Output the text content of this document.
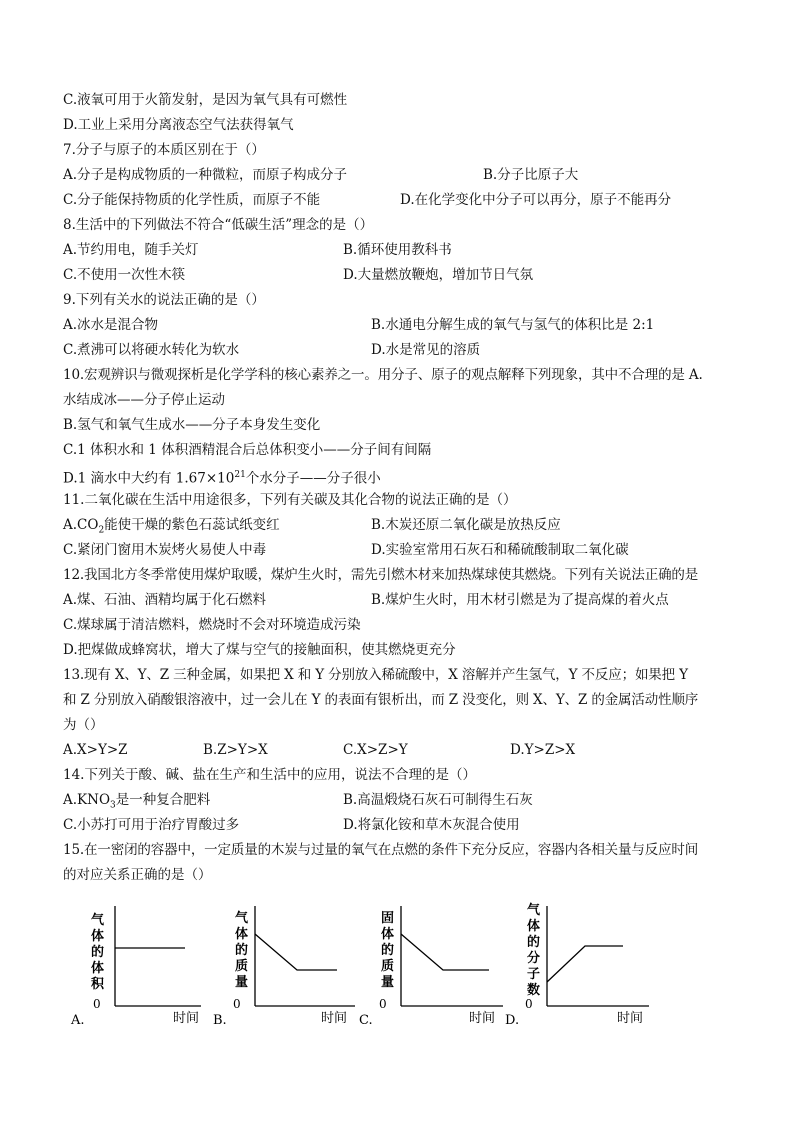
C.液氧可用于火箭发射，是因为氧气具有可燃性
D.工业上采用分离液态空气法获得氧气
7.分子与原子的本质区别在于（）
A.分子是构成物质的一种微粒，而原子构成分子	B.分子比原子大
C.分子能保持物质的化学性质，而原子不能	D.在化学变化中分子可以再分，原子不能再分
8.生活中的下列做法不符合“低碳生活”理念的是（）
A.节约用电，随手关灯	B.循环使用教科书
C.不使用一次性木筷	D.大量燃放鞭炮，增加节日气氛
9.下列有关水的说法正确的是（）
A.冰水是混合物	B.水通电分解生成的氧气与氢气的体积比是 2:1
C.煮沸可以将硬水转化为软水	D.水是常见的溶质
10.宏观辨识与微观探析是化学学科的核心素养之一。用分子、原子的观点解释下列现象，其中不合理的是 A.
水结成冰——分子停止运动
B.氢气和氧气生成水——分子本身发生变化
C.1 体积水和 1 体积酒精混合后总体积变小——分子间有间隔
D.1 滴水中大约有 $1.67\times 10^{21}$个水分子——分子很小
11.二氧化碳在生活中用途很多，下列有关碳及其化合物的说法正确的是（）
$A.CO_2$能使干燥的紫色石蕊试纸变红	B.木炭还原二氧化碳是放热反应
C.紧闭门窗用木炭烤火易使人中毒	D.实验室常用石灰石和稀硫酸制取二氧化碳
12.我国北方冬季常使用煤炉取暖，煤炉生火时，需先引燃木材来加热煤球使其燃烧。下列有关说法正确的是
A.煤、石油、酒精均属于化石燃料	B.煤炉生火时，用木材引燃是为了提高煤的着火点
C.煤球属于清洁燃料，燃烧时不会对环境造成污染
D.把煤做成蜂窝状，增大了煤与空气的接触面积，使其燃烧更充分
13.现有 X、Y、Z 三种金属，如果把 X 和 Y 分别放入稀硫酸中，X 溶解并产生氢气，Y 不反应；如果把 Y
和 Z 分别放入硝酸银溶液中，过一会儿在 Y 的表面有银析出，而 Z 没变化，则 X、Y、Z 的金属活动性顺序
为（）
A.X>Y>Z	B.Z>Y>X	C.X>Z>Y	D.Y>Z>X
14.下列关于酸、碱、盐在生产和生活中的应用，说法不合理的是（）
$A.KNO_3$是一种复合肥料	B.高温煅烧石灰石可制得生石灰
C.小苏打可用于治疗胃酸过多	D.将氯化铵和草木灰混合使用
15.在一密闭的容器中，一定质量的木炭与过量的氧气在点燃的条件下充分反应，容器内各相关量与反应时间
的对应关系正确的是（）
A.
0
时间
气体的体积
B.
0
时间
气体的质量
C.
0
时间
固体的质量
D.
0
时间
气体的分子数
